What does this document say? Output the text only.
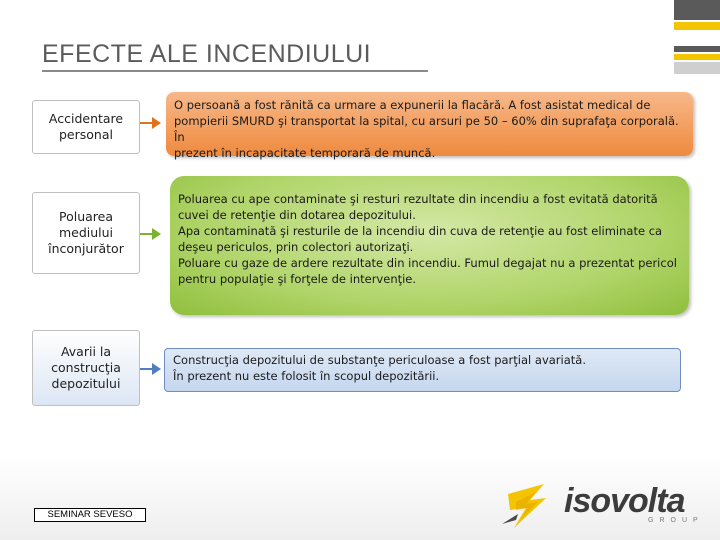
EFECTE ALE INCENDIULUI
Accidentare
personal
O persoană a fost rănită ca urmare a expunerii la flacără. A fost asistat medical de
pompierii SMURD şi transportat la spital, cu arsuri pe 50 – 60% din suprafaţa corporală. În
prezent în incapacitate temporară de muncă.
Poluarea
mediului
înconjurător
Poluarea cu ape contaminate şi resturi rezultate din incendiu a fost evitată datorită
cuvei de retenţie din dotarea depozitului.
Apa contaminată şi resturile de la incendiu din cuva de retenţie au fost eliminate ca
deşeu periculos, prin colectori autorizaţi.
Poluare cu gaze de ardere rezultate din incendiu. Fumul degajat nu a prezentat pericol
pentru populaţie şi forţele de intervenţie.
Avarii la
construcţia
depozitului
Construcţia depozitului de substanţe periculoase a fost parţial avariată.
În prezent nu este folosit în scopul depozitării.
SEMINAR SEVESO	isovolta
GROUP
